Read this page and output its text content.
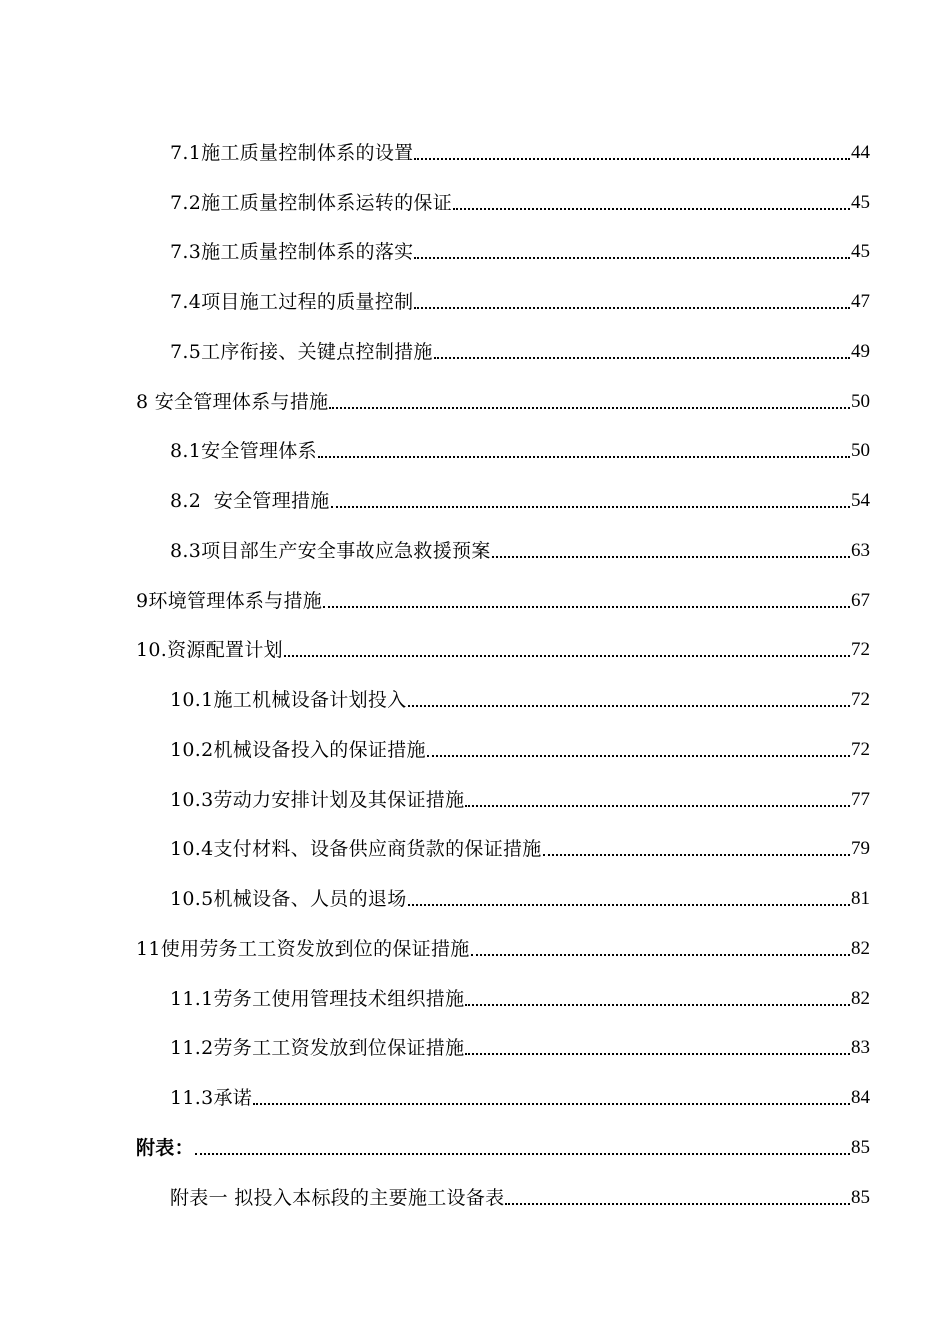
7.1施工质量控制体系的设置	44
7.2施工质量控制体系运转的保证	45
7.3施工质量控制体系的落实	45
7.4项目施工过程的质量控制	47
7.5工序衔接、关键点控制措施	49
8 安全管理体系与措施	50
8.1安全管理体系	50
8.2  安全管理措施	54
8.3项目部生产安全事故应急救援预案	63
9环境管理体系与措施	67
10.资源配置计划	72
10.1施工机械设备计划投入	72
10.2机械设备投入的保证措施	72
10.3劳动力安排计划及其保证措施	77
10.4支付材料、设备供应商货款的保证措施	79
10.5机械设备、人员的退场	81
11使用劳务工工资发放到位的保证措施	82
11.1劳务工使用管理技术组织措施	82
11.2劳务工工资发放到位保证措施	83
11.3承诺	84
附表：	85
附表一 拟投入本标段的主要施工设备表	85
